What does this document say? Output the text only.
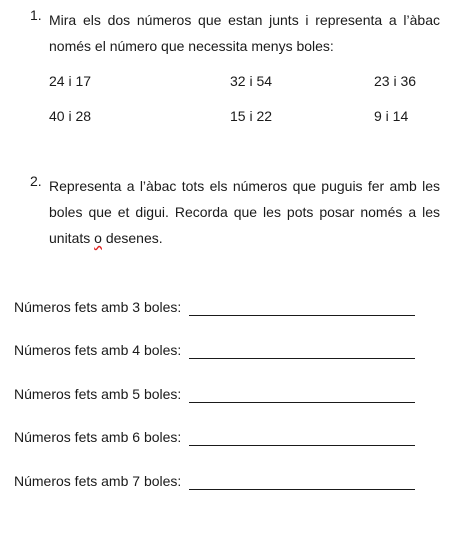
1. Mira els dos números que estan junts i representa a l’àbac només el número que necessita menys boles:
24 i 17	32 i 54	23 i 36
40 i 28	15 i 22	9 i 14
2. Representa a l’àbac tots els números que puguis fer amb les boles que et digui. Recorda que les pots posar només a les unitats o desenes.
Números fets amb 3 boles:
Números fets amb 4 boles:
Números fets amb 5 boles:
Números fets amb 6 boles:
Números fets amb 7 boles:
